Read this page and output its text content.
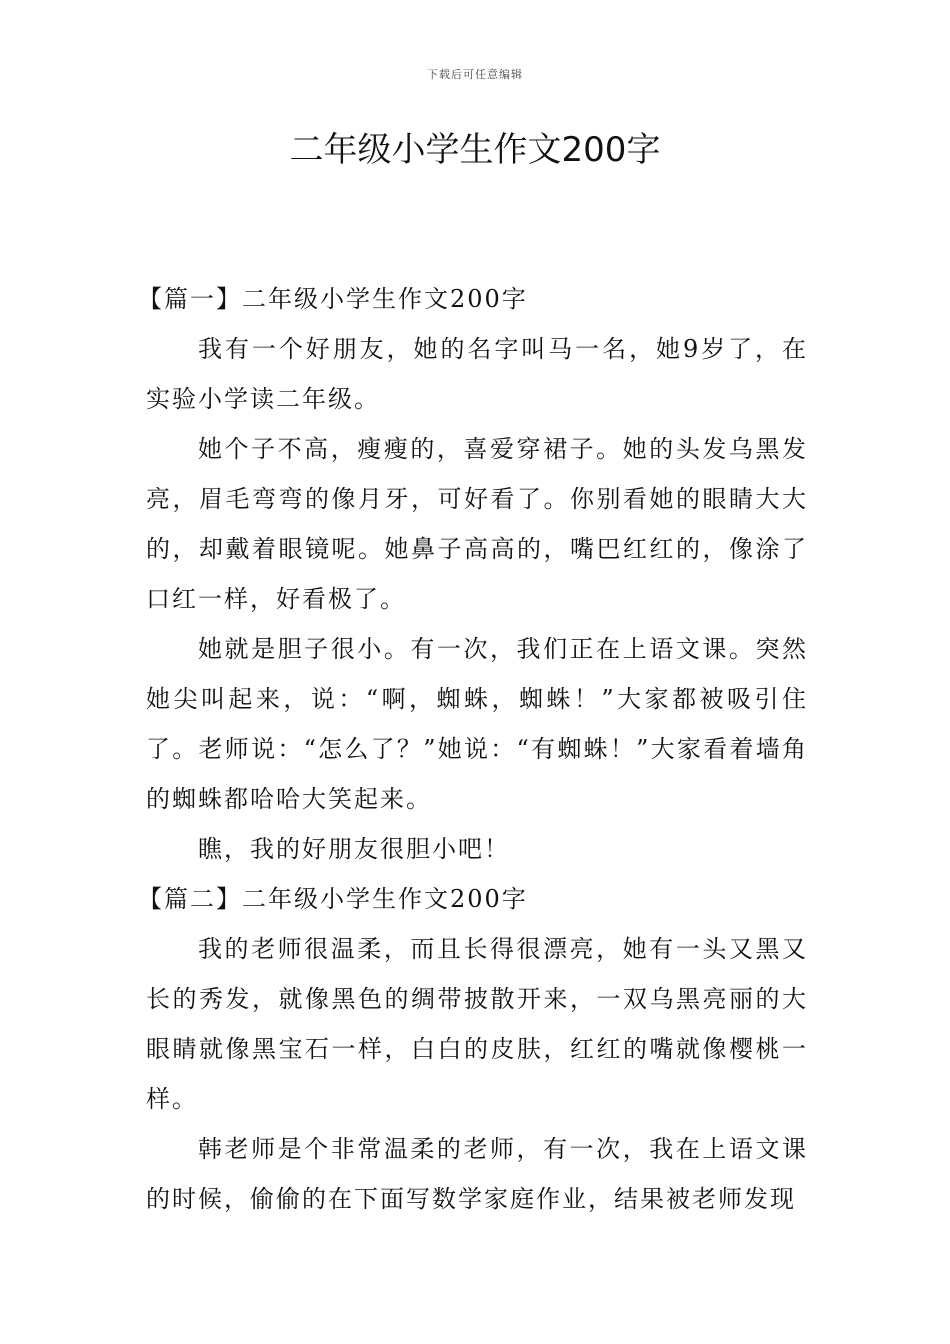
下载后可任意编辑
二年级小学生作文200字

【篇一】二年级小学生作文200字

我有一个好朋友，她的名字叫马一名，她9岁了，在实验小学读二年级。

她个子不高，瘦瘦的，喜爱穿裙子。她的头发乌黑发亮，眉毛弯弯的像月牙，可好看了。你别看她的眼睛大大的，却戴着眼镜呢。她鼻子高高的，嘴巴红红的，像涂了口红一样，好看极了。

她就是胆子很小。有一次，我们正在上语文课。突然她尖叫起来，说：“啊，蜘蛛，蜘蛛！”大家都被吸引住了。老师说：“怎么了？”她说：“有蜘蛛！”大家看着墙角的蜘蛛都哈哈大笑起来。

瞧，我的好朋友很胆小吧！

【篇二】二年级小学生作文200字

我的老师很温柔，而且长得很漂亮，她有一头又黑又长的秀发，就像黑色的绸带披散开来，一双乌黑亮丽的大眼睛就像黑宝石一样，白白的皮肤，红红的嘴就像樱桃一样。

韩老师是个非常温柔的老师，有一次，我在上语文课的时候，偷偷的在下面写数学家庭作业，结果被老师发现
